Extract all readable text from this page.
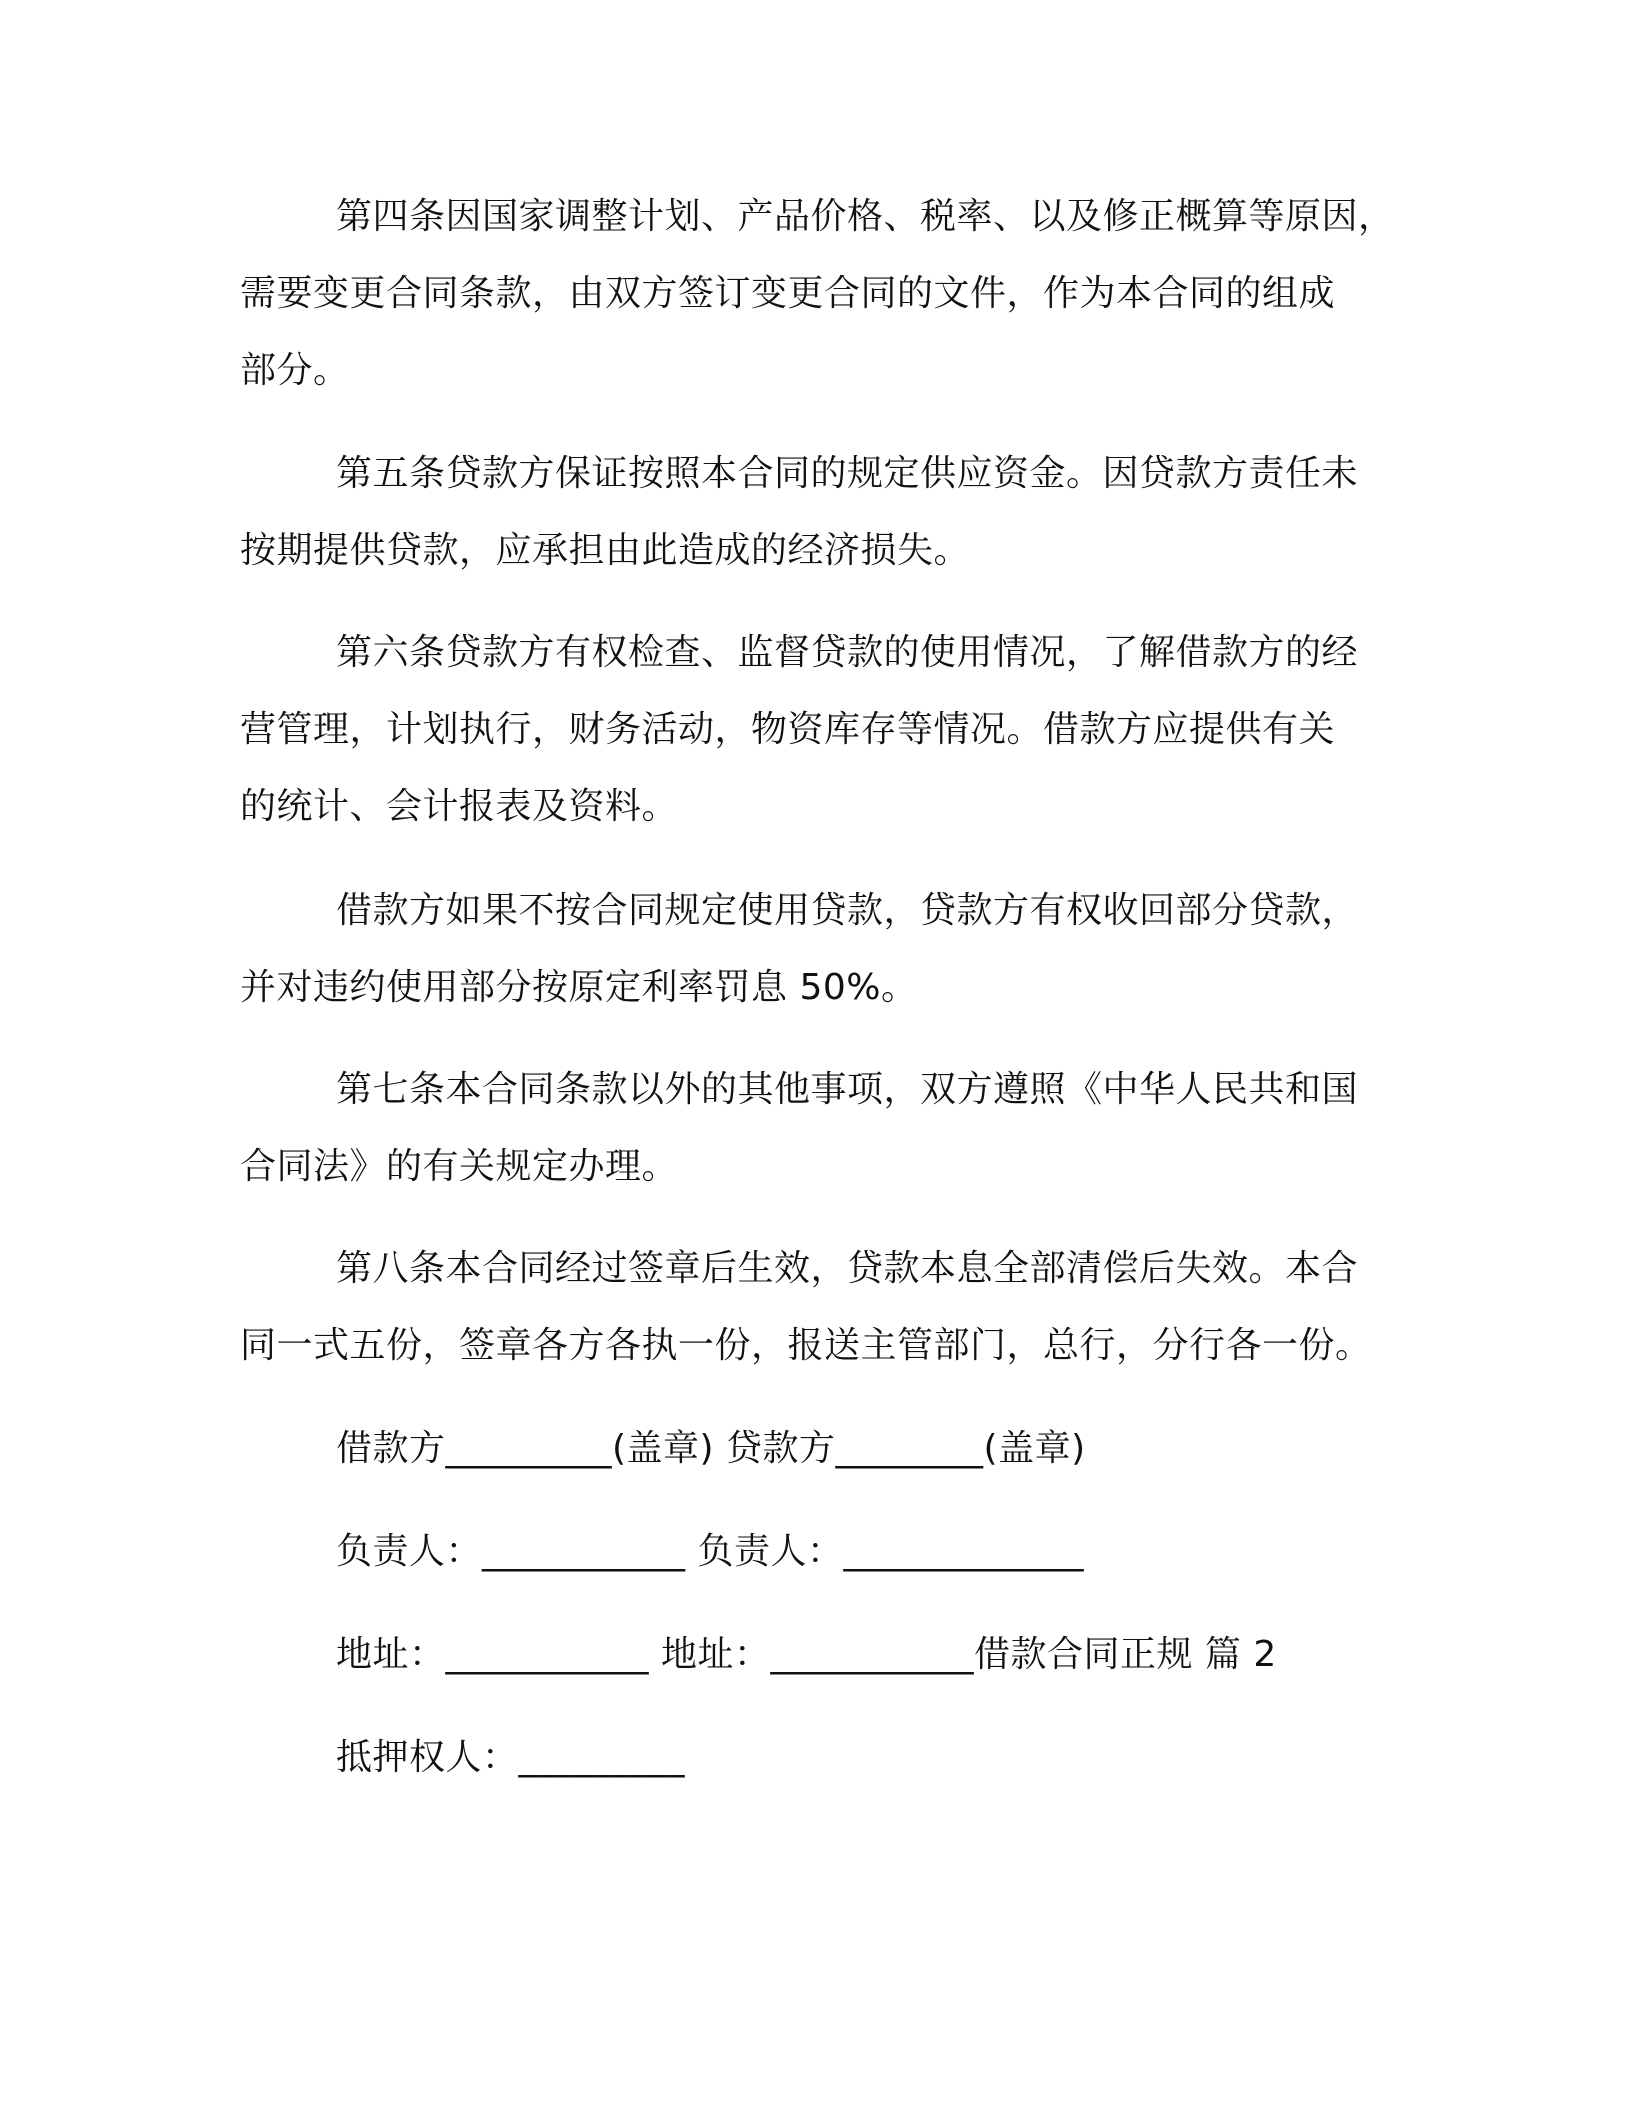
第四条因国家调整计划、产品价格、税率、以及修正概算等原因，
需要变更合同条款，由双方签订变更合同的文件，作为本合同的组成
部分。

第五条贷款方保证按照本合同的规定供应资金。因贷款方责任未
按期提供贷款，应承担由此造成的经济损失。

第六条贷款方有权检查、监督贷款的使用情况，了解借款方的经
营管理，计划执行，财务活动，物资库存等情况。借款方应提供有关
的统计、会计报表及资料。

借款方如果不按合同规定使用贷款，贷款方有权收回部分贷款，
并对违约使用部分按原定利率罚息 50%。

第七条本合同条款以外的其他事项，双方遵照《中华人民共和国
合同法》的有关规定办理。

第八条本合同经过签章后生效，贷款本息全部清偿后失效。本合
同一式五份，签章各方各执一份，报送主管部门，总行，分行各一份。

借款方_________(盖章) 贷款方________(盖章)

负责人：___________ 负责人：_____________

地址：___________ 地址：___________借款合同正规 篇 2

抵押权人：_________
